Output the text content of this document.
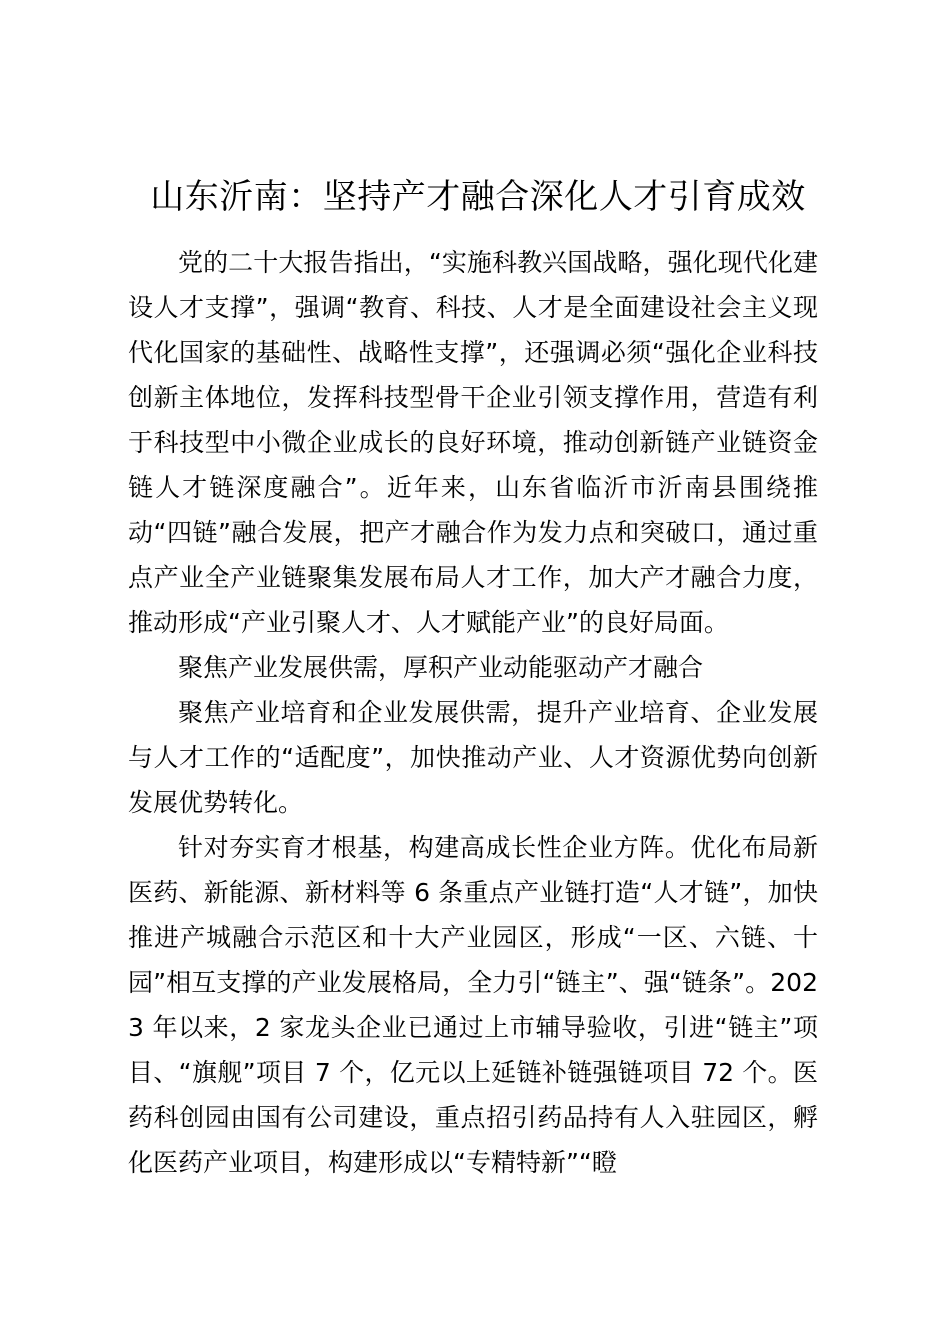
山东沂南：坚持产才融合深化人才引育成效

党的二十大报告指出，“实施科教兴国战略，强化现代化建设人才支撑”，强调“教育、科技、人才是全面建设社会主义现代化国家的基础性、战略性支撑”，还强调必须“强化企业科技创新主体地位，发挥科技型骨干企业引领支撑作用，营造有利于科技型中小微企业成长的良好环境，推动创新链产业链资金链人才链深度融合”。近年来，山东省临沂市沂南县围绕推动“四链”融合发展，把产才融合作为发力点和突破口，通过重点产业全产业链聚集发展布局人才工作，加大产才融合力度，推动形成“产业引聚人才、人才赋能产业”的良好局面。

聚焦产业发展供需，厚积产业动能驱动产才融合

聚焦产业培育和企业发展供需，提升产业培育、企业发展与人才工作的“适配度”，加快推动产业、人才资源优势向创新发展优势转化。

针对夯实育才根基，构建高成长性企业方阵。优化布局新医药、新能源、新材料等 6 条重点产业链打造“人才链”，加快推进产城融合示范区和十大产业园区，形成“一区、六链、十园”相互支撑的产业发展格局，全力引“链主”、强“链条”。2023 年以来，2 家龙头企业已通过上市辅导验收，引进“链主”项目、“旗舰”项目 7 个，亿元以上延链补链强链项目 72 个。医药科创园由国有公司建设，重点招引药品持有人入驻园区，孵化医药产业项目，构建形成以“专精特新”“瞪
